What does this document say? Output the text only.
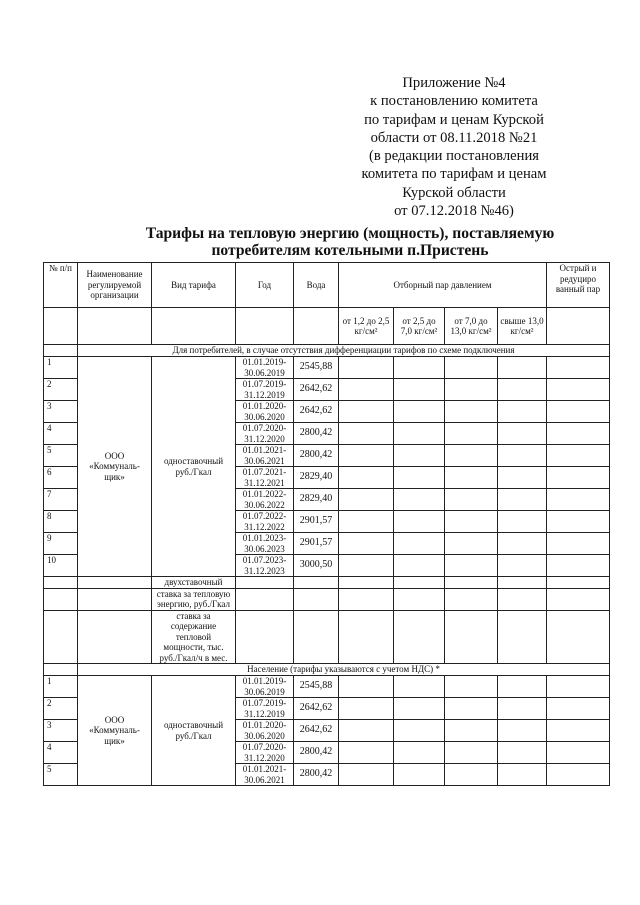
Приложение №4
к постановлению комитета
по тарифам и ценам Курской
области от 08.11.2018 №21
(в редакции постановления
комитета по тарифам и ценам
Курской области
от 07.12.2018 №46)
Тарифы на тепловую энергию (мощность), поставляемую
потребителям котельными п.Пристень
№ п/п	Наименование регулируемой организации	Вид тарифа	Год	Вода	Отборный пар давлением				Острый и редуциро ванный пар
					от 1,2 до 2,5 кг/см²	от 2,5 до 7,0 кг/см²	от 7,0 до 13,0 кг/см²	свыше 13,0 кг/см²	
	Для потребителей, в случае отсутствия дифференциации тарифов по схеме подключения								
1	ООО «Коммуналь- щик»	одноставочный руб./Гкал	01.01.2019- 30.06.2019	2545,88					
2			01.07.2019- 31.12.2019	2642,62					
3			01.01.2020- 30.06.2020	2642,62					
4			01.07.2020- 31.12.2020	2800,42					
5			01.01.2021- 30.06.2021	2800,42					
6			01.07.2021- 31.12.2021	2829,40					
7			01.01.2022- 30.06.2022	2829,40					
8			01.07.2022- 31.12.2022	2901,57					
9			01.01.2023- 30.06.2023	2901,57					
10			01.07.2023- 31.12.2023	3000,50					
		двухставочный							
		ставка за тепловую энергию, руб./Гкал							
		ставка за содержание тепловой мощности, тыс. руб./Гкал/ч в мес.							
	Население (тарифы указываются с учетом НДС) *								
1	ООО «Коммуналь- щик»	одноставочный руб./Гкал	01.01.2019- 30.06.2019	2545,88					
2			01.07.2019- 31.12.2019	2642,62					
3			01.01.2020- 30.06.2020	2642,62					
4			01.07.2020- 31.12.2020	2800,42					
5			01.01.2021- 30.06.2021	2800,42					
